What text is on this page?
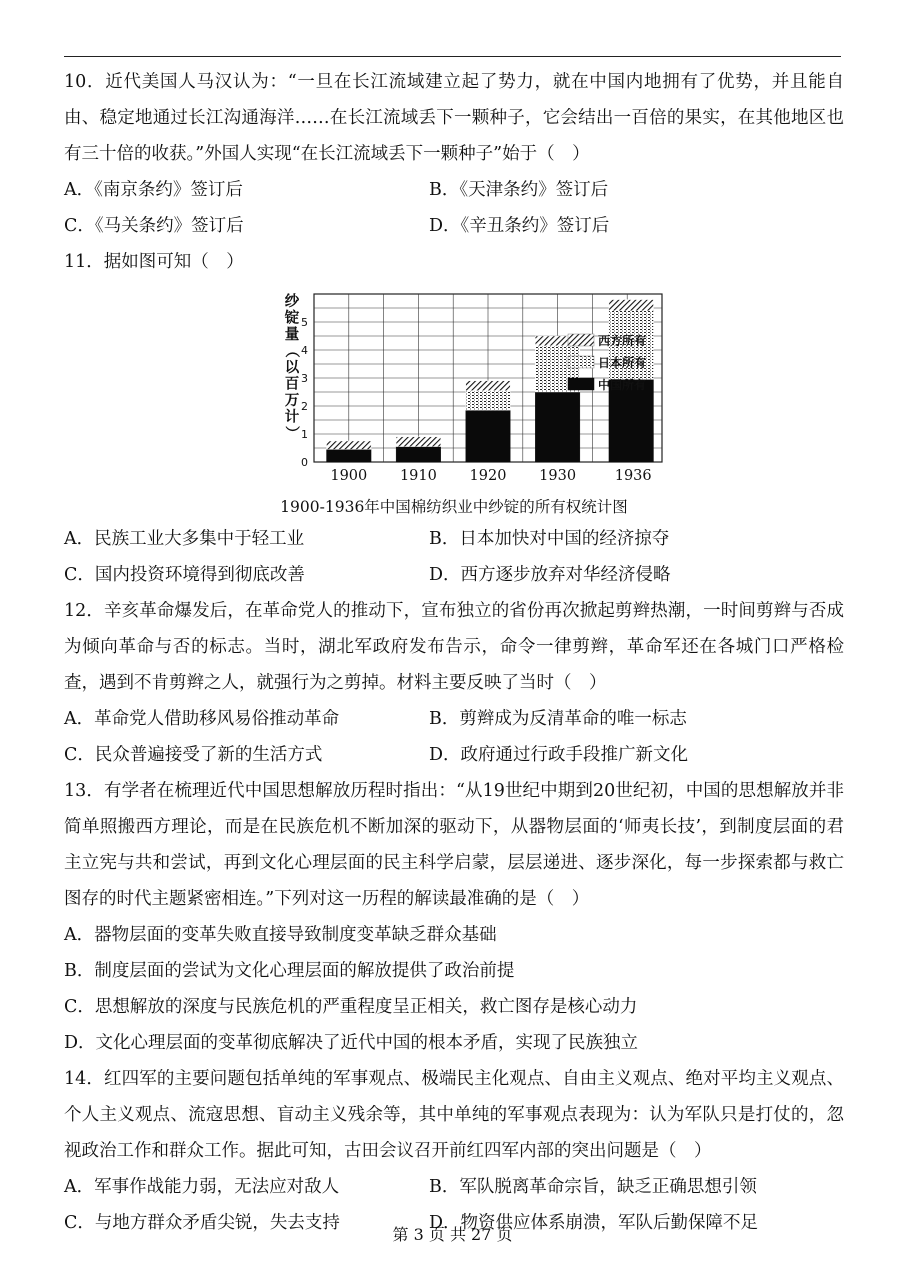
10．近代美国人马汉认为：“一旦在长江流域建立起了势力，就在中国内地拥有了优势，并且能自由、稳定地通过长江沟通海洋……在长江流域丢下一颗种子，它会结出一百倍的果实，在其他地区也有三十倍的收获。”外国人实现“在长江流域丢下一颗种子”始于（　）

A．《南京条约》签订后	B．《天津条约》签订后
C．《马关条约》签订后	D．《辛丑条约》签订后

11．据如图可知（　）

纱
锭
量
（
以
百
万
计
）
0
1
2
3
4
5
1900 1910 1920 1930	1936
西方所有
日本所有
中国所有
1900-1936年中国棉纺织业中纱锭的所有权统计图
A．民族工业大多集中于轻工业	B．日本加快对中国的经济掠夺
C．国内投资环境得到彻底改善	D．西方逐步放弃对华经济侵略

12．辛亥革命爆发后，在革命党人的推动下，宣布独立的省份再次掀起剪辫热潮，一时间剪辫与否成为倾向革命与否的标志。当时，湖北军政府发布告示，命令一律剪辫，革命军还在各城门口严格检查，遇到不肯剪辫之人，就强行为之剪掉。材料主要反映了当时（　）

A．革命党人借助移风易俗推动革命	B．剪辫成为反清革命的唯一标志
C．民众普遍接受了新的生活方式	D．政府通过行政手段推广新文化

13．有学者在梳理近代中国思想解放历程时指出：“从19世纪中期到20世纪初，中国的思想解放并非简单照搬西方理论，而是在民族危机不断加深的驱动下，从器物层面的‘师夷长技’，到制度层面的君主立宪与共和尝试，再到文化心理层面的民主科学启蒙，层层递进、逐步深化，每一步探索都与救亡图存的时代主题紧密相连。”下列对这一历程的解读最准确的是（　）

A．器物层面的变革失败直接导致制度变革缺乏群众基础
B．制度层面的尝试为文化心理层面的解放提供了政治前提
C．思想解放的深度与民族危机的严重程度呈正相关，救亡图存是核心动力
D．文化心理层面的变革彻底解决了近代中国的根本矛盾，实现了民族独立

14．红四军的主要问题包括单纯的军事观点、极端民主化观点、自由主义观点、绝对平均主义观点、个人主义观点、流寇思想、盲动主义残余等，其中单纯的军事观点表现为：认为军队只是打仗的，忽视政治工作和群众工作。据此可知，古田会议召开前红四军内部的突出问题是（　）

A．军事作战能力弱，无法应对敌人	B．军队脱离革命宗旨，缺乏正确思想引领
C．与地方群众矛盾尖锐，失去支持	D．物资供应体系崩溃，军队后勤保障不足
第 3 页 共 27 页
